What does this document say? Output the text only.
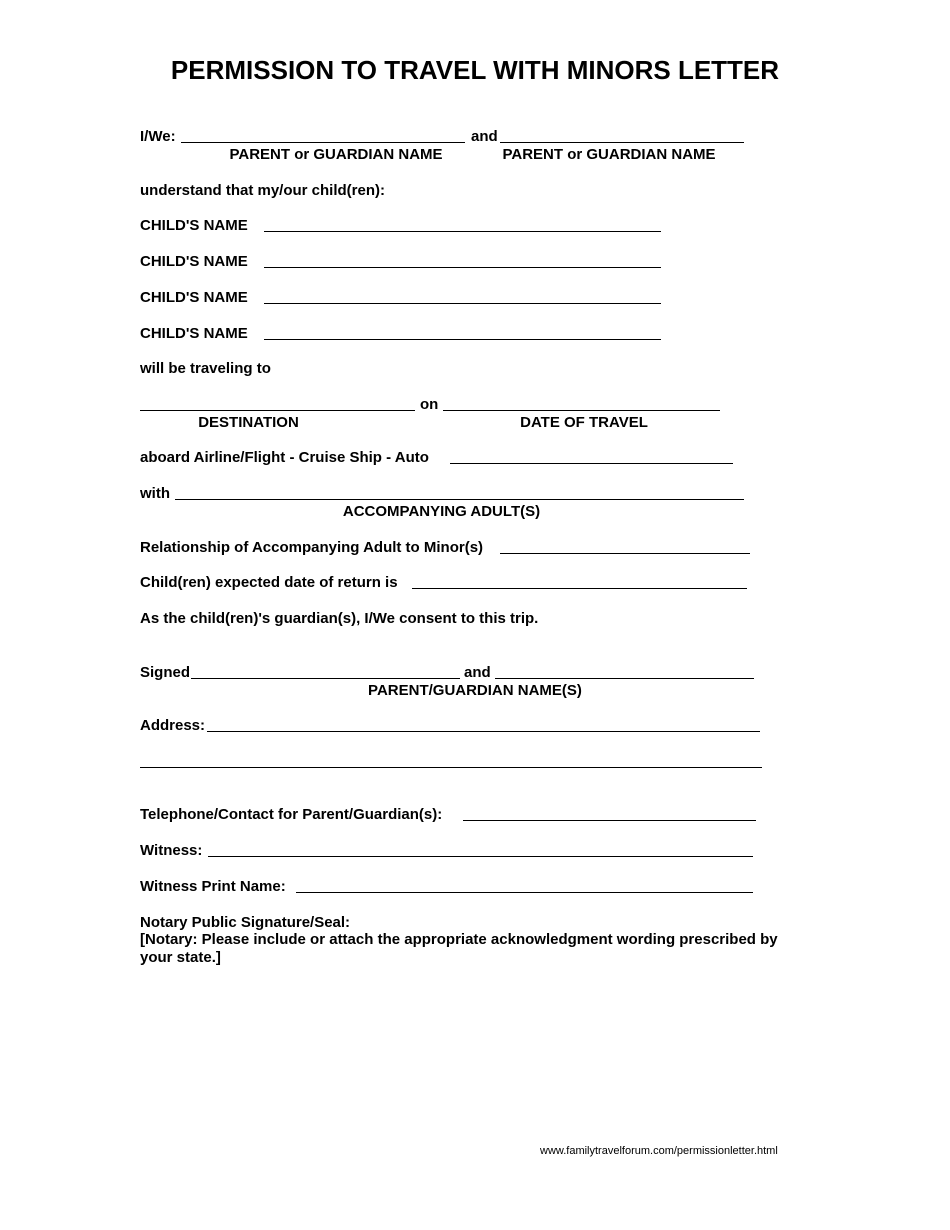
PERMISSION TO TRAVEL WITH MINORS LETTER
I/We:	and
PARENT or GUARDIAN NAME	PARENT or GUARDIAN NAME
understand that my/our child(ren):
CHILD'S NAME
CHILD'S NAME
CHILD'S NAME
CHILD'S NAME
will be traveling to
on
DESTINATION	DATE OF TRAVEL
aboard Airline/Flight - Cruise Ship - Auto
with
ACCOMPANYING ADULT(S)
Relationship of Accompanying Adult to Minor(s)
Child(ren) expected date of return is
As the child(ren)'s guardian(s), I/We consent to this trip.
Signed	and
PARENT/GUARDIAN NAME(S)
Address:
Telephone/Contact for Parent/Guardian(s):
Witness:
Witness Print Name:
Notary Public Signature/Seal:
[Notary: Please include or attach the appropriate acknowledgment wording prescribed by
your state.]
www.familytravelforum.com/permissionletter.html
